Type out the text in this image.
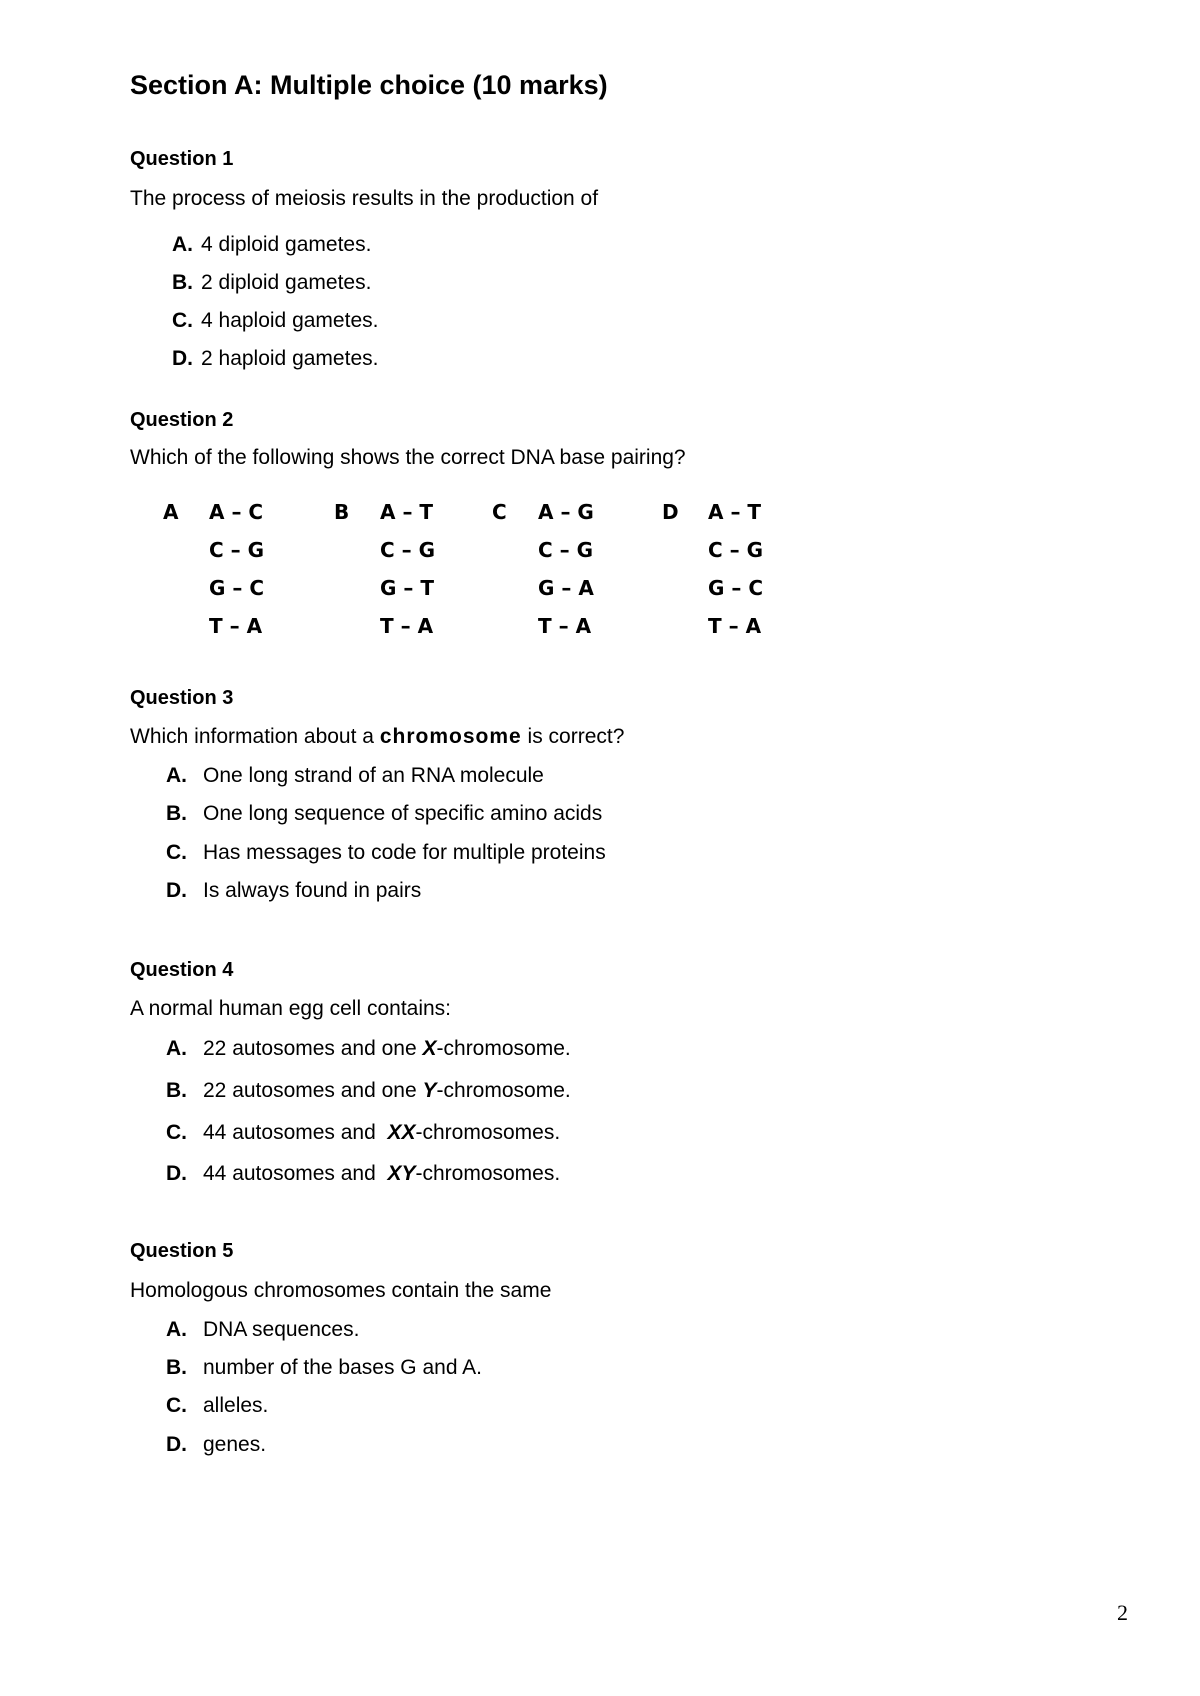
Section A: Multiple choice (10 marks)
Question 1
The process of meiosis results in the production of
A. 4 diploid gametes.
B. 2 diploid gametes.
C. 4 haploid gametes.
D. 2 haploid gametes.
Question 2
Which of the following shows the correct DNA base pairing?
A A – C
C – G
G – C
T – A
B A – T
C – G
G – T
T – A
C A – G
C – G
G – A
T – A
D A – T
C – G
G – C
T – A
Question 3
Which information about a chromosome is correct?
A. One long strand of an RNA molecule
B. One long sequence of specific amino acids
C. Has messages to code for multiple proteins
D. Is always found in pairs
Question 4
A normal human egg cell contains:
A. 22 autosomes and one X-chromosome.
B. 22 autosomes and one Y-chromosome.
C. 44 autosomes and  XX-chromosomes.
D. 44 autosomes and  XY-chromosomes.
Question 5
Homologous chromosomes contain the same
A. DNA sequences.
B. number of the bases G and A.
C. alleles.
D. genes.
2
